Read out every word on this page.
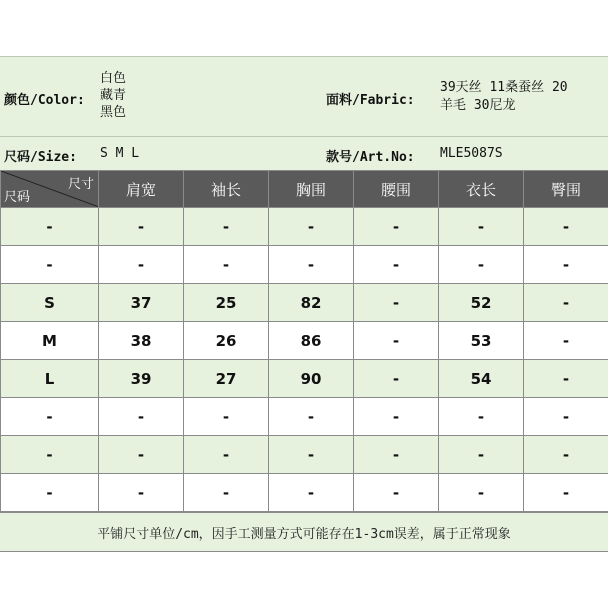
颜色/Color:
白色
藏青
黑色
面料/Fabric:
39天丝 11桑蚕丝 20
羊毛 30尼龙
尺码/Size: S M L	款号/Art.No: MLE5087S
尺寸
尺码	肩宽	袖长	胸围	腰围	衣长	臀围
-	-	-	-	-	-	-
-	-	-	-	-	-	-
S	37	25	82	-	52	-
M	38	26	86	-	53	-
L	39	27	90	-	54	-
-	-	-	-	-	-	-
-	-	-	-	-	-	-
-	-	-	-	-	-	-
平铺尺寸单位/cm，因手工测量方式可能存在1-3cm误差，属于正常现象
